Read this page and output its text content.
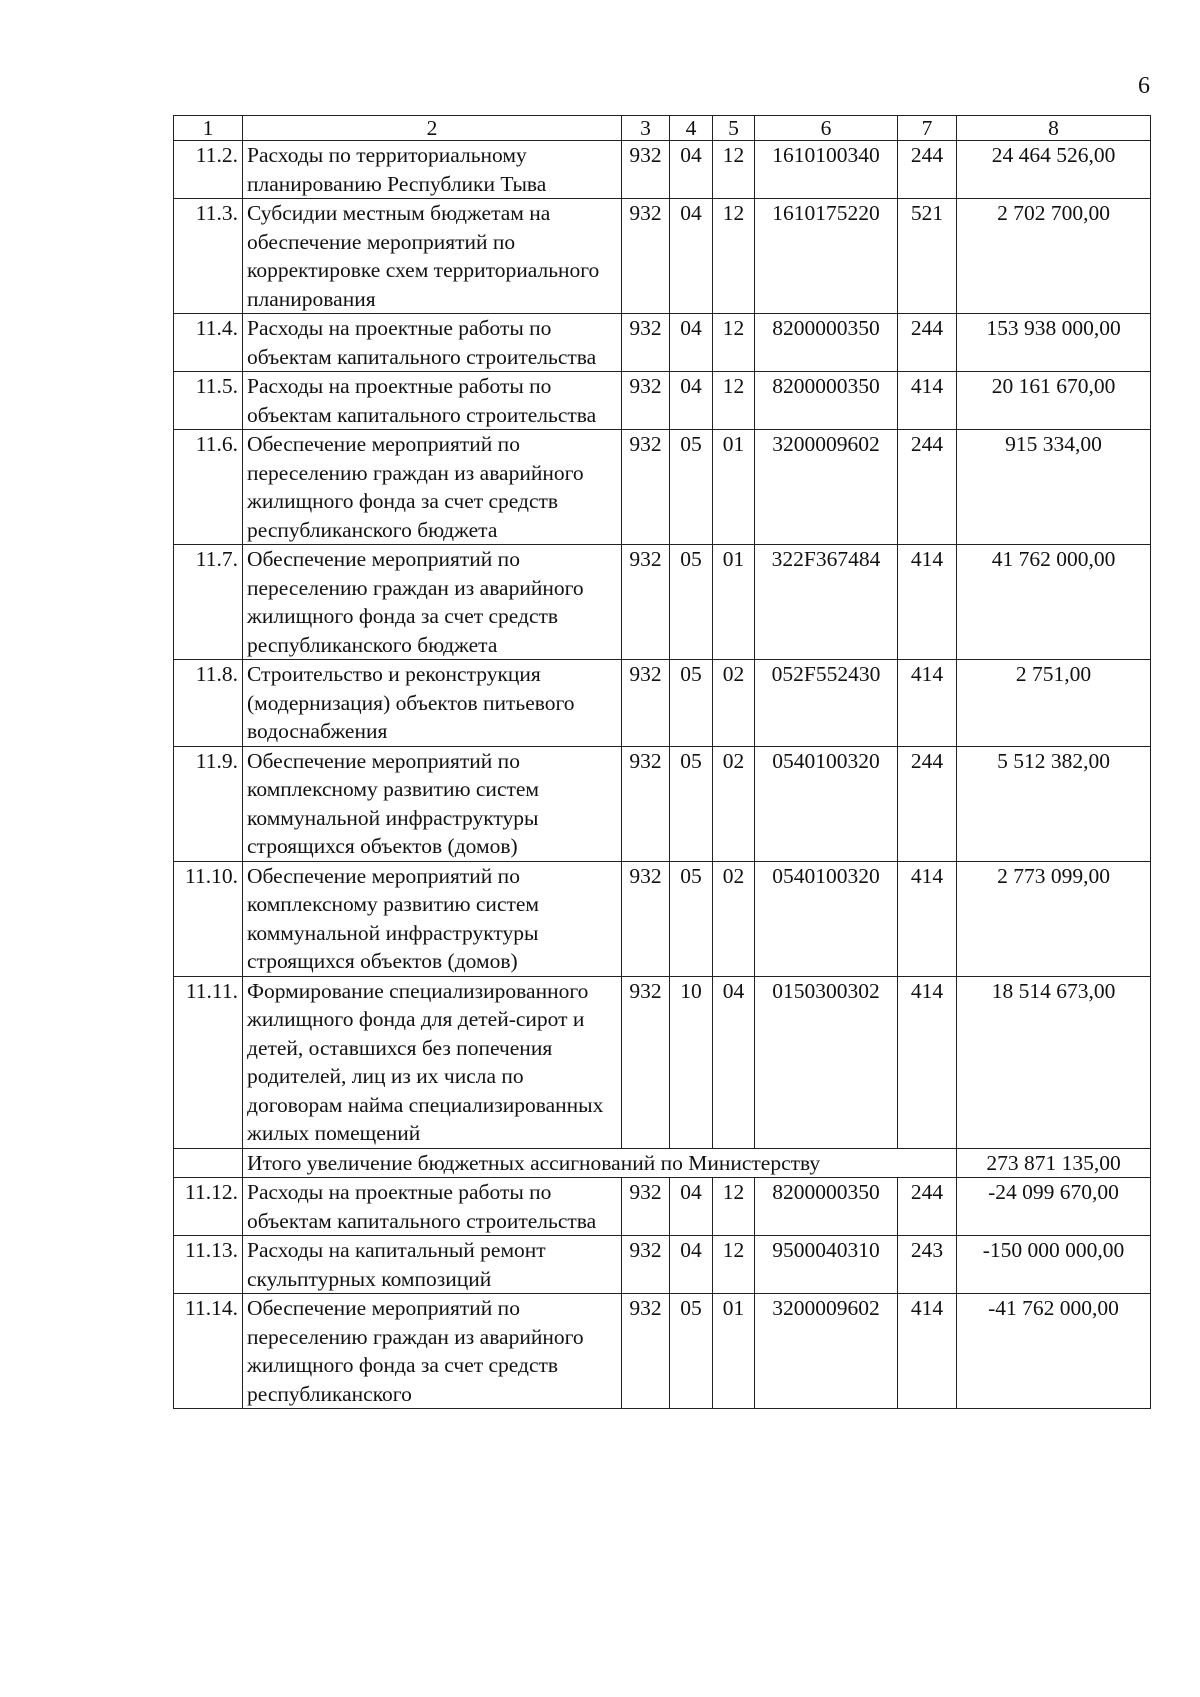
6
1	2	3	4	5	6	7	8
11.2.	Расходы по территориальному планированию Республики Тыва	932	04	12	1610100340	244	24 464 526,00
11.3.	Субсидии местным бюджетам на обеспечение мероприятий по корректировке схем территориального планирования	932	04	12	1610175220	521	2 702 700,00
11.4.	Расходы на проектные работы по объектам капитального строительства	932	04	12	8200000350	244	153 938 000,00
11.5.	Расходы на проектные работы по объектам капитального строительства	932	04	12	8200000350	414	20 161 670,00
11.6.	Обеспечение мероприятий по переселению граждан из аварийного жилищного фонда за счет средств республиканского бюджета	932	05	01	3200009602	244	915 334,00
11.7.	Обеспечение мероприятий по переселению граждан из аварийного жилищного фонда за счет средств республиканского бюджета	932	05	01	322F367484	414	41 762 000,00
11.8.	Строительство и реконструкция (модернизация) объектов питьевого водоснабжения	932	05	02	052F552430	414	2 751,00
11.9.	Обеспечение мероприятий по комплексному развитию систем коммунальной инфраструктуры строящихся объектов (домов)	932	05	02	0540100320	244	5 512 382,00
11.10.	Обеспечение мероприятий по комплексному развитию систем коммунальной инфраструктуры строящихся объектов (домов)	932	05	02	0540100320	414	2 773 099,00
11.11.	Формирование специализированного жилищного фонда для детей-сирот и детей, оставшихся без попечения родителей, лиц из их числа по договорам найма специализированных жилых помещений	932	10	04	0150300302	414	18 514 673,00
	Итого увеличение бюджетных ассигнований по Министерству						273 871 135,00
11.12.	Расходы на проектные работы по объектам капитального строительства	932	04	12	8200000350	244	-24 099 670,00
11.13.	Расходы на капитальный ремонт скульптурных композиций	932	04	12	9500040310	243	-150 000 000,00
11.14.	Обеспечение мероприятий по переселению граждан из аварийного жилищного фонда за счет средств республиканского	932	05	01	3200009602	414	-41 762 000,00
